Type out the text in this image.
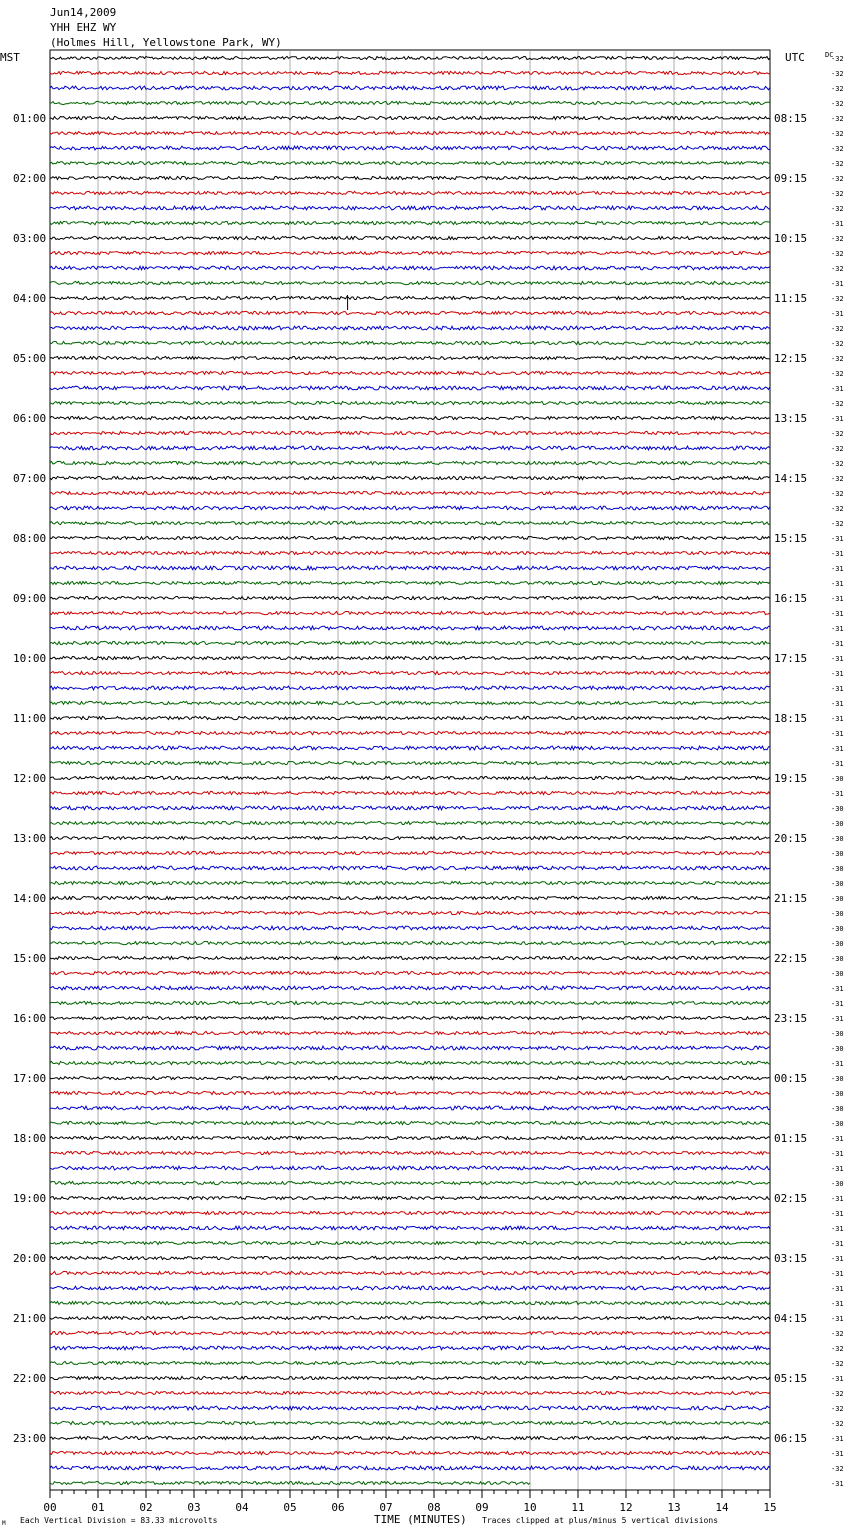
Jun14,2009
YHH EHZ WY
(Holmes Hill, Yellowstone Park, WY)
MST	UTC	DC
01:00
02:00
03:00
04:00
05:00
06:00
07:00
08:00
09:00
10:00
11:00
12:00
13:00
14:00
15:00
16:00
17:00
18:00
19:00
20:00
21:00
22:00
23:00
08:15
09:15
10:15
11:15
12:15
13:15
14:15
15:15
16:15
17:15
18:15
19:15
20:15
21:15
22:15
23:15
00:15
01:15
02:15
03:15
04:15
05:15
06:15
-32
-32
-32
-32
-32
-32
-32
-32
-32
-32
-32
-31
-32
-32
-32
-31
-32
-31
-32
-32
-32
-32
-31
-32
-31
-32
-32
-32
-32
-32
-32
-32
-31
-31
-31
-31
-31
-31
-31
-31
-31
-31
-31
-31
-31
-31
-31
-31
-30
-31
-30
-30
-30
-30
-30
-30
-30
-30
-30
-30
-30
-30
-31
-31
-31
-30
-30
-31
-30
-30
-30
-30
-31
-31
-31
-30
-31
-31
-31
-31
-31
-31
-31
-31
-31
-32
-32
-32
-31
-32
-32
-32
-31
-31
-32
-31
00	01	02	03	04	05	06	07	08	09	10	11	12	13	14	15
M Each Vertical Division = 83.33 microvolts	TIME (MINUTES) Traces clipped at plus/minus 5 vertical divisions
